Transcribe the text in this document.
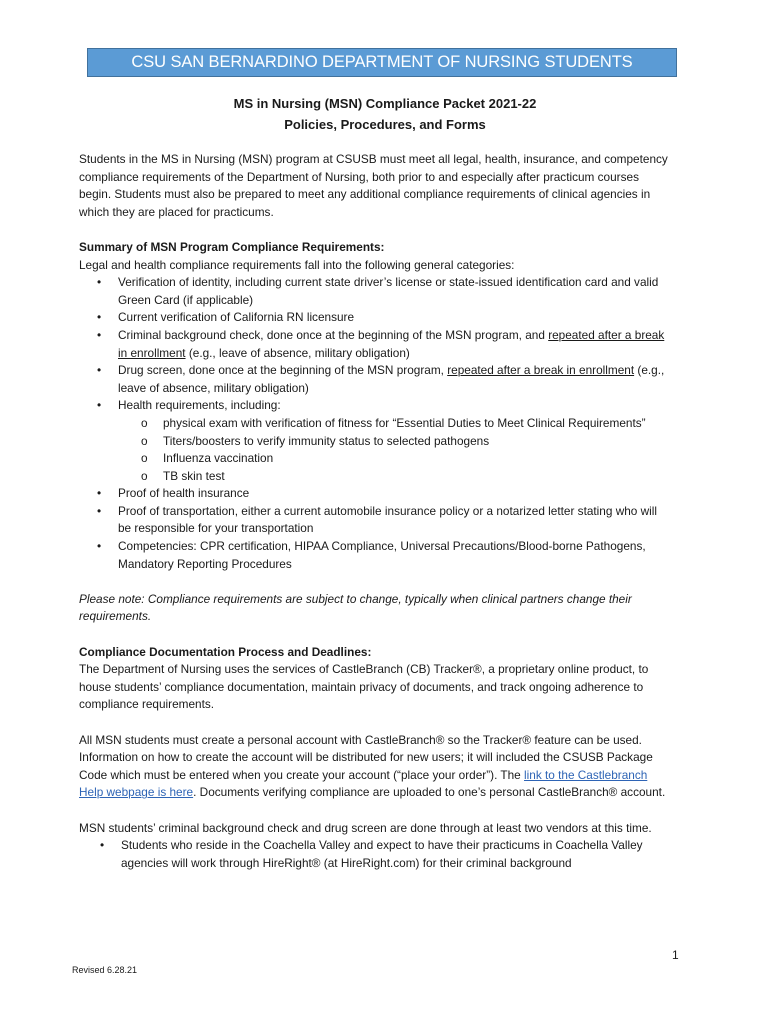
CSU SAN BERNARDINO DEPARTMENT OF NURSING STUDENTS
MS in Nursing (MSN) Compliance Packet 2021-22
Policies, Procedures, and Forms

Students in the MS in Nursing (MSN) program at CSUSB must meet all legal, health, insurance, and competency compliance requirements of the Department of Nursing, both prior to and especially after practicum courses begin. Students must also be prepared to meet any additional compliance requirements of clinical agencies in which they are placed for practicums.

Summary of MSN Program Compliance Requirements:
Legal and health compliance requirements fall into the following general categories:
• Verification of identity, including current state driver’s license or state-issued identification card and valid Green Card (if applicable)
• Current verification of California RN licensure
• Criminal background check, done once at the beginning of the MSN program, and repeated after a break in enrollment (e.g., leave of absence, military obligation)
• Drug screen, done once at the beginning of the MSN program, repeated after a break in enrollment (e.g., leave of absence, military obligation)
• Health requirements, including:
o physical exam with verification of fitness for “Essential Duties to Meet Clinical Requirements”
o Titers/boosters to verify immunity status to selected pathogens
o Influenza vaccination
o TB skin test
• Proof of health insurance
• Proof of transportation, either a current automobile insurance policy or a notarized letter stating who will be responsible for your transportation
• Competencies: CPR certification, HIPAA Compliance, Universal Precautions/Blood-borne Pathogens, Mandatory Reporting Procedures

Please note: Compliance requirements are subject to change, typically when clinical partners change their requirements.

Compliance Documentation Process and Deadlines:

The Department of Nursing uses the services of CastleBranch (CB) Tracker®, a proprietary online product, to house students’ compliance documentation, maintain privacy of documents, and track ongoing adherence to compliance requirements.

All MSN students must create a personal account with CastleBranch® so the Tracker® feature can be used. Information on how to create the account will be distributed for new users; it will included the CSUSB Package Code which must be entered when you create your account (“place your order”). The link to the Castlebranch Help webpage is here. Documents verifying compliance are uploaded to one’s personal CastleBranch® account.

MSN students’ criminal background check and drug screen are done through at least two vendors at this time.
• Students who reside in the Coachella Valley and expect to have their practicums in Coachella Valley agencies will work through HireRight® (at HireRight.com) for their criminal background
1
Revised 6.28.21
